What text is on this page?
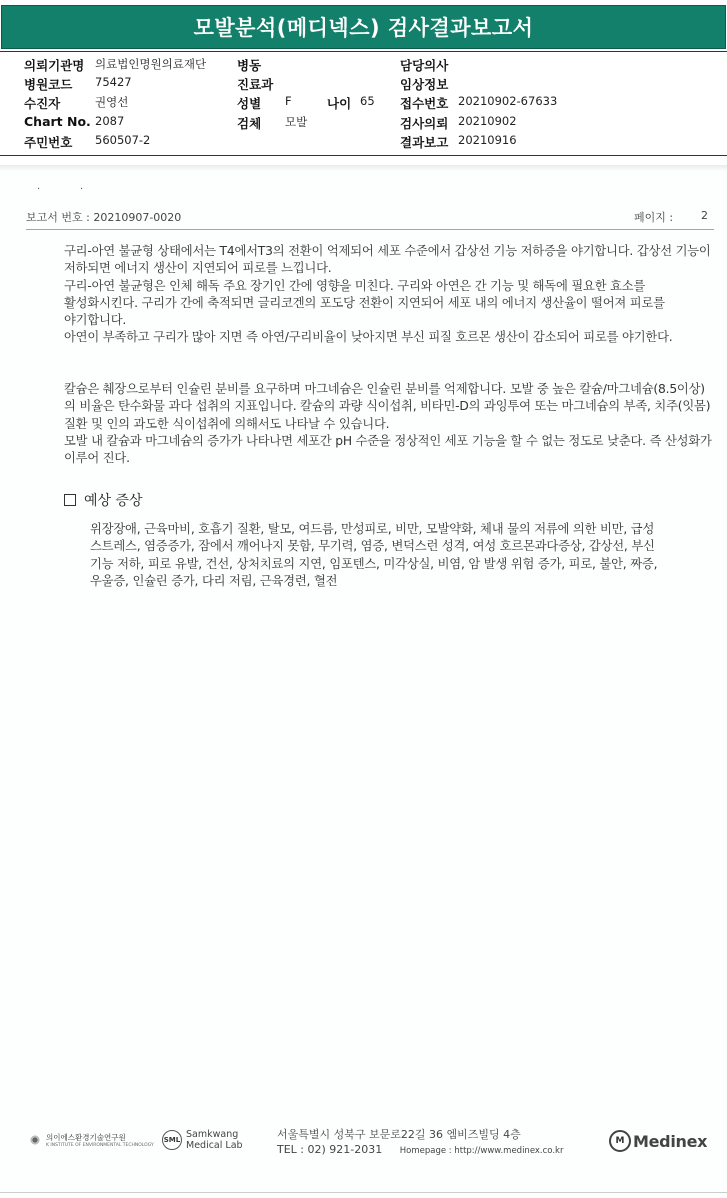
모발분석(메디넥스) 검사결과보고서
의뢰기관명 의료법인명원의료재단 병동	담당의사
병원코드 75427	진료과	임상정보
수진자	권영선	성별 F	나이 65 접수번호 20210902-67633
Chart No. 2087	검체 모발	검사의뢰 20210902
주민번호 560507-2	결과보고 20210916
.	.
보고서 번호 : 20210907-0020	페이지 :	2

구리-아연 불균형 상태에서는 T4에서T3의 전환이 억제되어 세포 수준에서 갑상선 기능 저하증을 야기합니다. 갑상선 기능이 저하되면 에너지 생산이 지연되어 피로를 느낍니다.

구리-아연 불균형은 인체 해독 주요 장기인 간에 영향을 미친다. 구리와 아연은 간 기능 및 해독에 필요한 효소를 활성화시킨다. 구리가 간에 축적되면 글리코겐의 포도당 전환이 지연되어 세포 내의 에너지 생산율이 떨어져 피로를 야기합니다.

아연이 부족하고 구리가 많아 지면 즉 아연/구리비율이 낮아지면 부신 피질 호르몬 생산이 감소되어 피로를 야기한다.

칼슘은 췌장으로부터 인슐린 분비를 요구하며 마그네슘은 인슐린 분비를 억제합니다. 모발 중 높은 칼슘/마그네슘(8.5이상)의 비율은 탄수화물 과다 섭취의 지표입니다. 칼슘의 과량 식이섭취, 비타민-D의 과잉투여 또는 마그네슘의 부족, 치주(잇몸) 질환 및 인의 과도한 식이섭취에 의해서도 나타날 수 있습니다.

모발 내 칼슘과 마그네슘의 증가가 나타나면 세포간 pH 수준을 정상적인 세포 기능을 할 수 없는 정도로 낮춘다. 즉 산성화가 이루어 진다.

예상 증상
위장장애, 근육마비, 호흡기 질환, 탈모, 여드름, 만성피로, 비만, 모발약화, 체내 물의 저류에 의한 비만, 급성 스트레스, 염증증가, 잠에서 깨어나지 못함, 무기력, 염증, 변덕스런 성격, 여성 호르몬과다증상, 갑상선, 부신 기능 저하, 피로 유발, 건선, 상처치료의 지연, 임포텐스, 미각상실, 비염, 암 발생 위험 증가, 피로, 불안, 짜증, 우울증, 인슐린 증가, 다리 저림, 근육경련, 혈전
의이에스환경기술연구원
K INSTITUTE OF ENVIRONMENTAL TECHNOLOGY
SML Samkwang
Medical Lab
서울특별시 성북구 보문로22길 36 엠비즈빌딩 4층
TEL : 02) 921-2031 Homepage : http://www.medinex.co.kr
M Medinex
